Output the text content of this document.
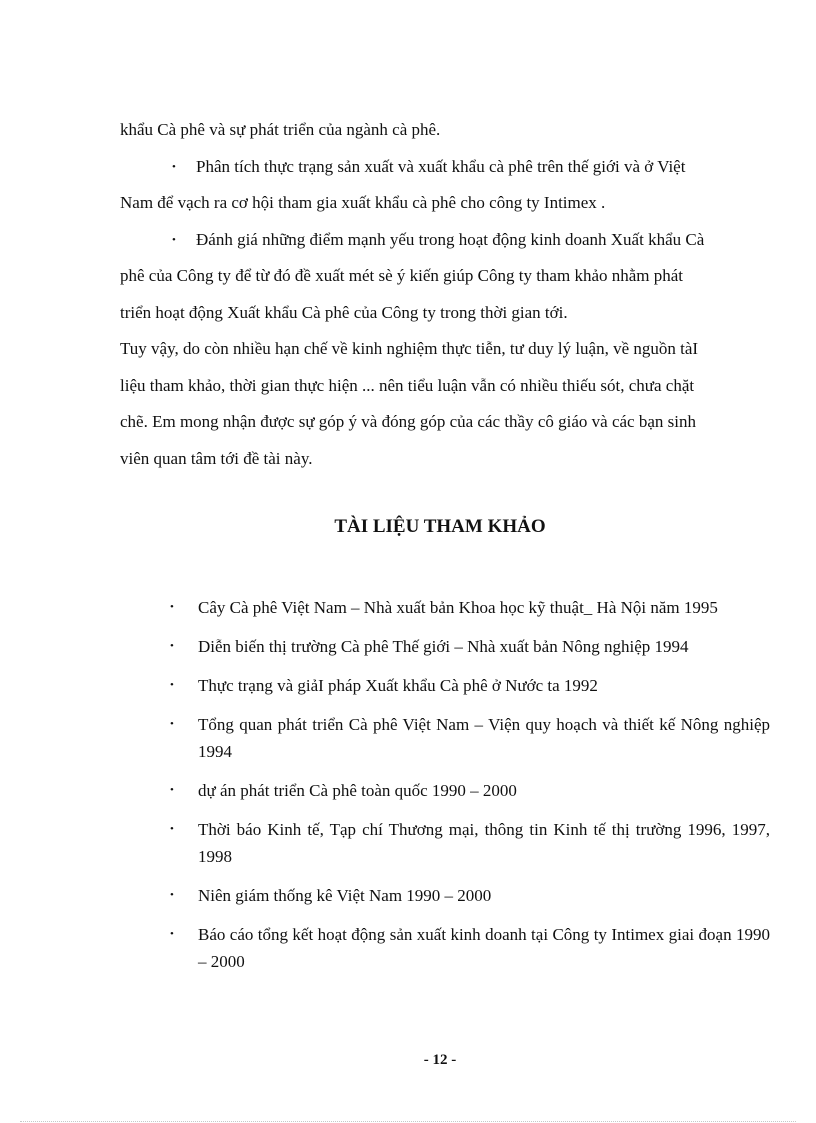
khẩu Cà phê và sự phát triển của ngành cà phê.
• Phân tích thực trạng sản xuất và xuất khẩu cà phê trên thế giới và ở Việt
Nam để vạch ra cơ hội tham gia xuất khẩu cà phê cho công ty Intimex .
• Đánh giá những điểm mạnh yếu trong hoạt động kinh doanh Xuất khẩu Cà
phê của Công ty để từ đó đề xuất mét sè ý kiến giúp Công ty tham khảo nhằm phát
triển hoạt động Xuất khẩu Cà phê của Công ty trong thời gian tới.
Tuy vậy, do còn nhiều hạn chế về kinh nghiệm thực tiễn, tư duy lý luận, về nguồn tàI
liệu tham khảo, thời gian thực hiện ... nên tiểu luận vẫn có nhiều thiếu sót, chưa chặt
chẽ. Em mong nhận được sự góp ý và đóng góp của các thầy cô giáo và các bạn sinh
viên quan tâm tới đề tài này.
TÀI LIỆU THAM KHẢO
•	Cây Cà phê Việt Nam – Nhà xuất bản Khoa học kỹ thuật_ Hà Nội năm 1995
•	Diễn biến thị trường Cà phê Thế giới – Nhà xuất bản Nông nghiệp 1994
•	Thực trạng và giảI pháp Xuất khẩu Cà phê ở Nước ta 1992
•	Tổng quan phát triển Cà phê Việt Nam – Viện quy hoạch và thiết kế Nông nghiệp 1994
•	dự án phát triển Cà phê toàn quốc 1990 – 2000
•	Thời báo Kinh tế, Tạp chí Thương mại, thông tin Kinh tế thị trường 1996, 1997, 1998
•	Niên giám thống kê Việt Nam 1990 – 2000
•	Báo cáo tổng kết hoạt động sản xuất kinh doanh tại Công ty Intimex giai đoạn 1990 – 2000
- 12 -
